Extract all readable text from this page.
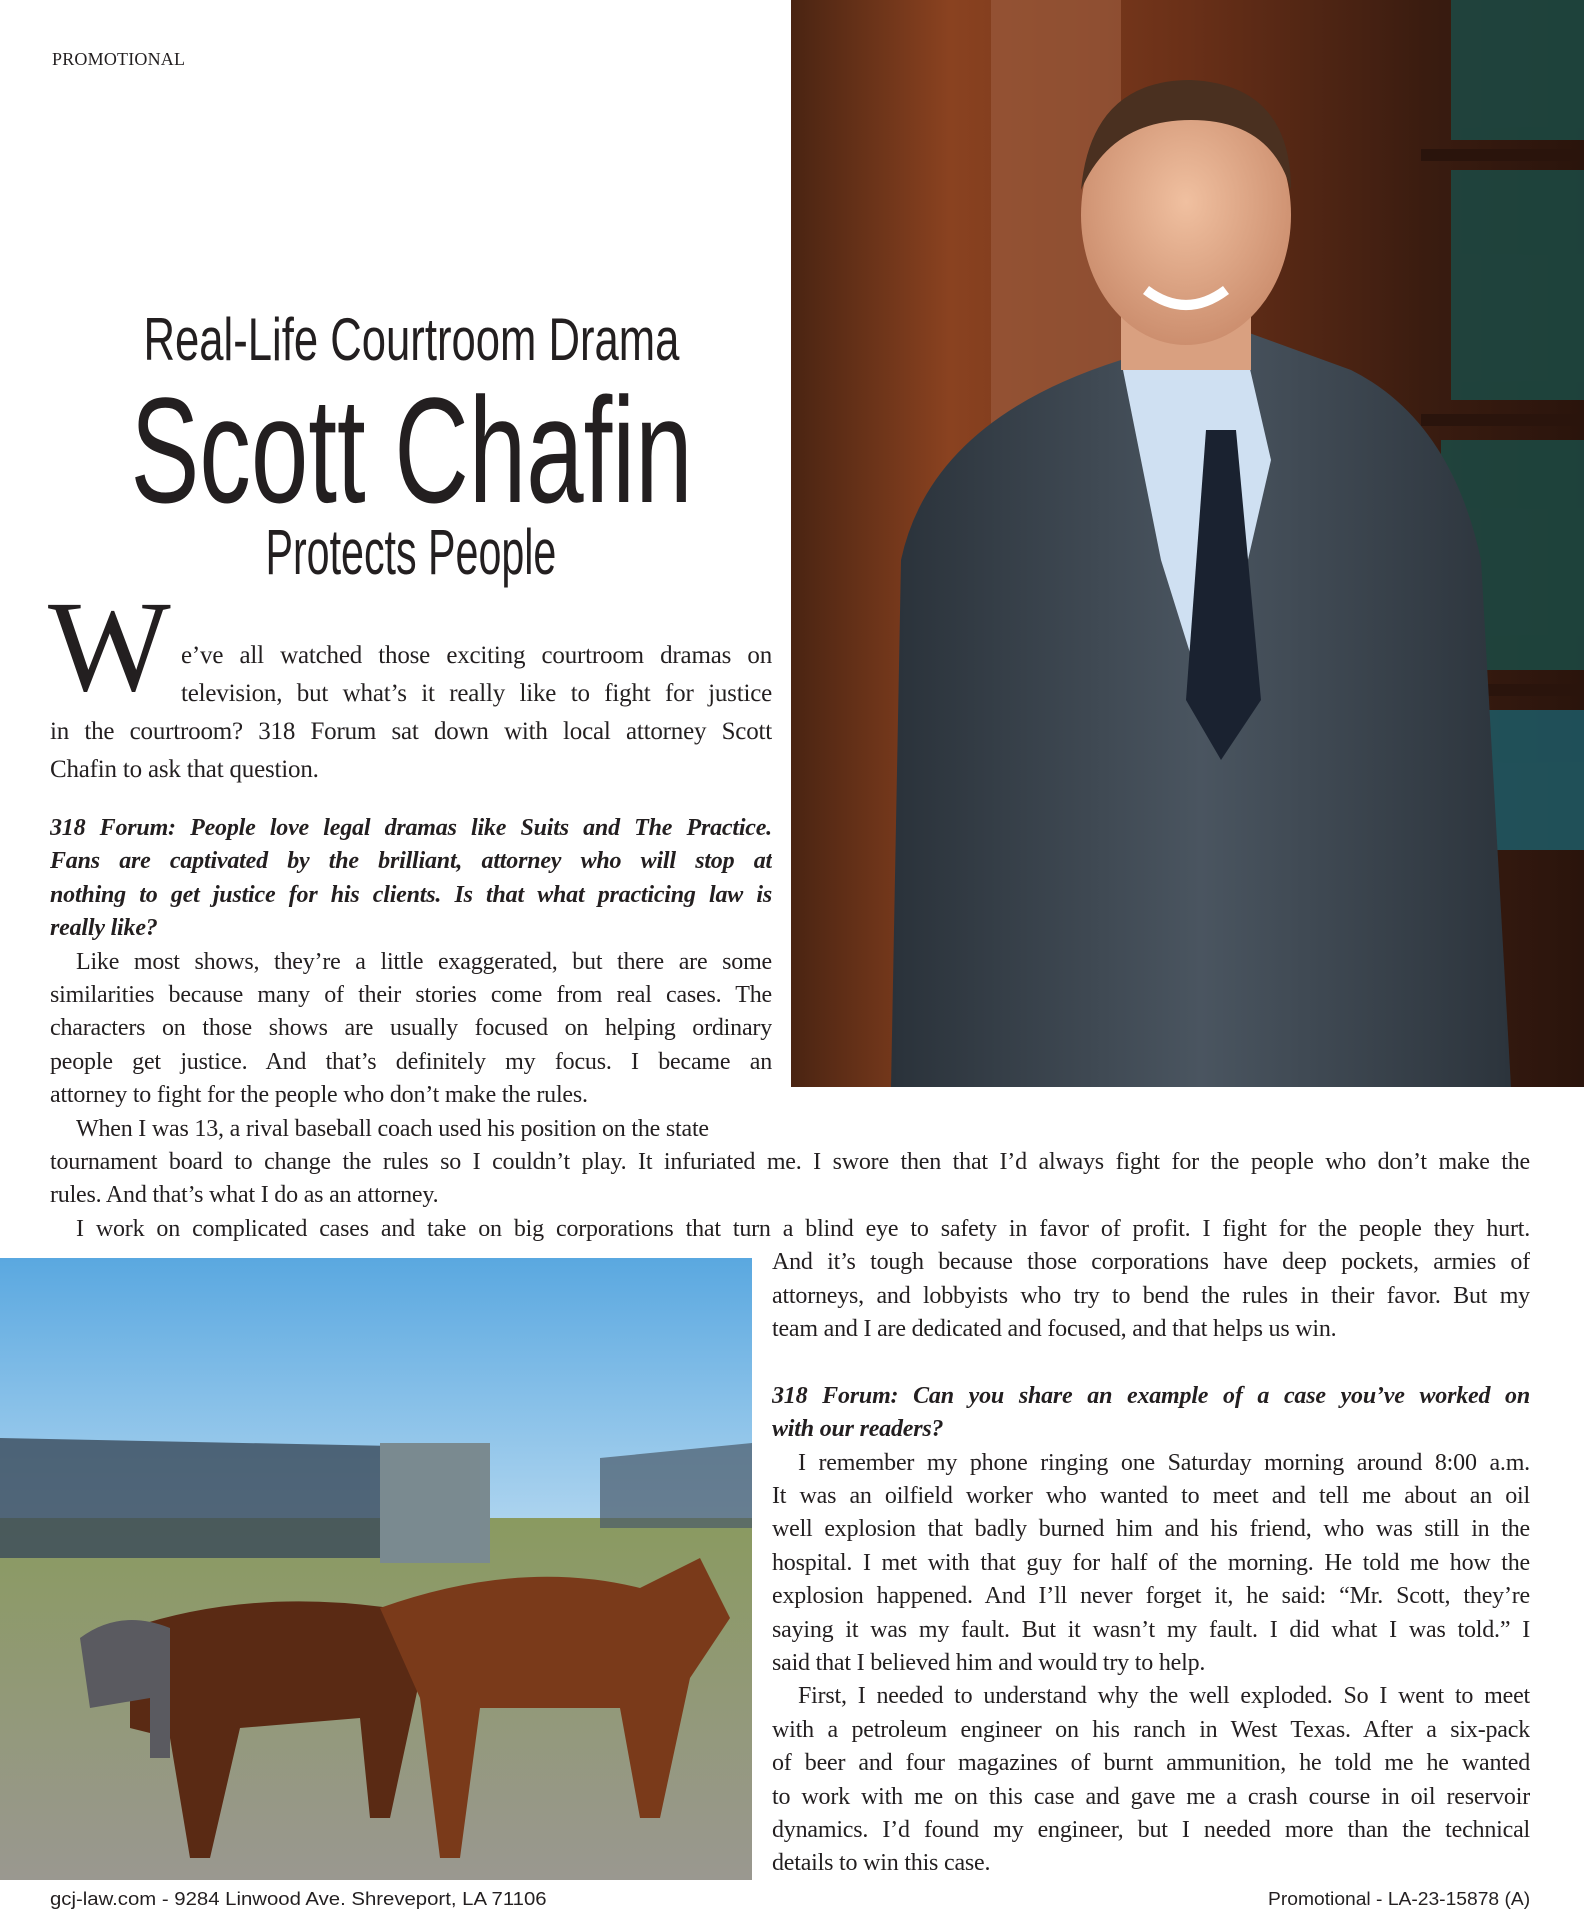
PROMOTIONAL
Real-Life Courtroom Drama
Scott Chafin
Protects People
W e’ve all watched those exciting courtroom dramas on
television, but what’s it really like to fight for justice
in the courtroom? 318 Forum sat down with local attorney Scott
Chafin to ask that question.
318 Forum: People love legal dramas like Suits and The Practice.
Fans are captivated by the brilliant, attorney who will stop at
nothing to get justice for his clients. Is that what practicing law is
really like?
Like most shows, they’re a little exaggerated, but there are some
similarities because many of their stories come from real cases. The
characters on those shows are usually focused on helping ordinary
people get justice. And that’s definitely my focus. I became an
attorney to fight for the people who don’t make the rules.
When I was 13, a rival baseball coach used his position on the state
tournament board to change the rules so I couldn’t play. It infuriated me. I swore then that I’d always fight for the people who don’t make the
rules. And that’s what I do as an attorney.
I work on complicated cases and take on big corporations that turn a blind eye to safety in favor of profit. I fight for the people they hurt.
And it’s tough because those corporations have deep pockets, armies of
attorneys, and lobbyists who try to bend the rules in their favor. But my
team and I are dedicated and focused, and that helps us win.
318 Forum: Can you share an example of a case you’ve worked on
with our readers?
I remember my phone ringing one Saturday morning around 8:00 a.m.
It was an oilfield worker who wanted to meet and tell me about an oil
well explosion that badly burned him and his friend, who was still in the
hospital. I met with that guy for half of the morning. He told me how the
explosion happened. And I’ll never forget it, he said: “Mr. Scott, they’re
saying it was my fault. But it wasn’t my fault. I did what I was told.” I
said that I believed him and would try to help.
First, I needed to understand why the well exploded. So I went to meet
with a petroleum engineer on his ranch in West Texas. After a six-pack
of beer and four magazines of burnt ammunition, he told me he wanted
to work with me on this case and gave me a crash course in oil reservoir
dynamics. I’d found my engineer, but I needed more than the technical
details to win this case.
gcj-law.com - 9284 Linwood Ave. Shreveport, LA 71106	Promotional - LA-23-15878 (A)
